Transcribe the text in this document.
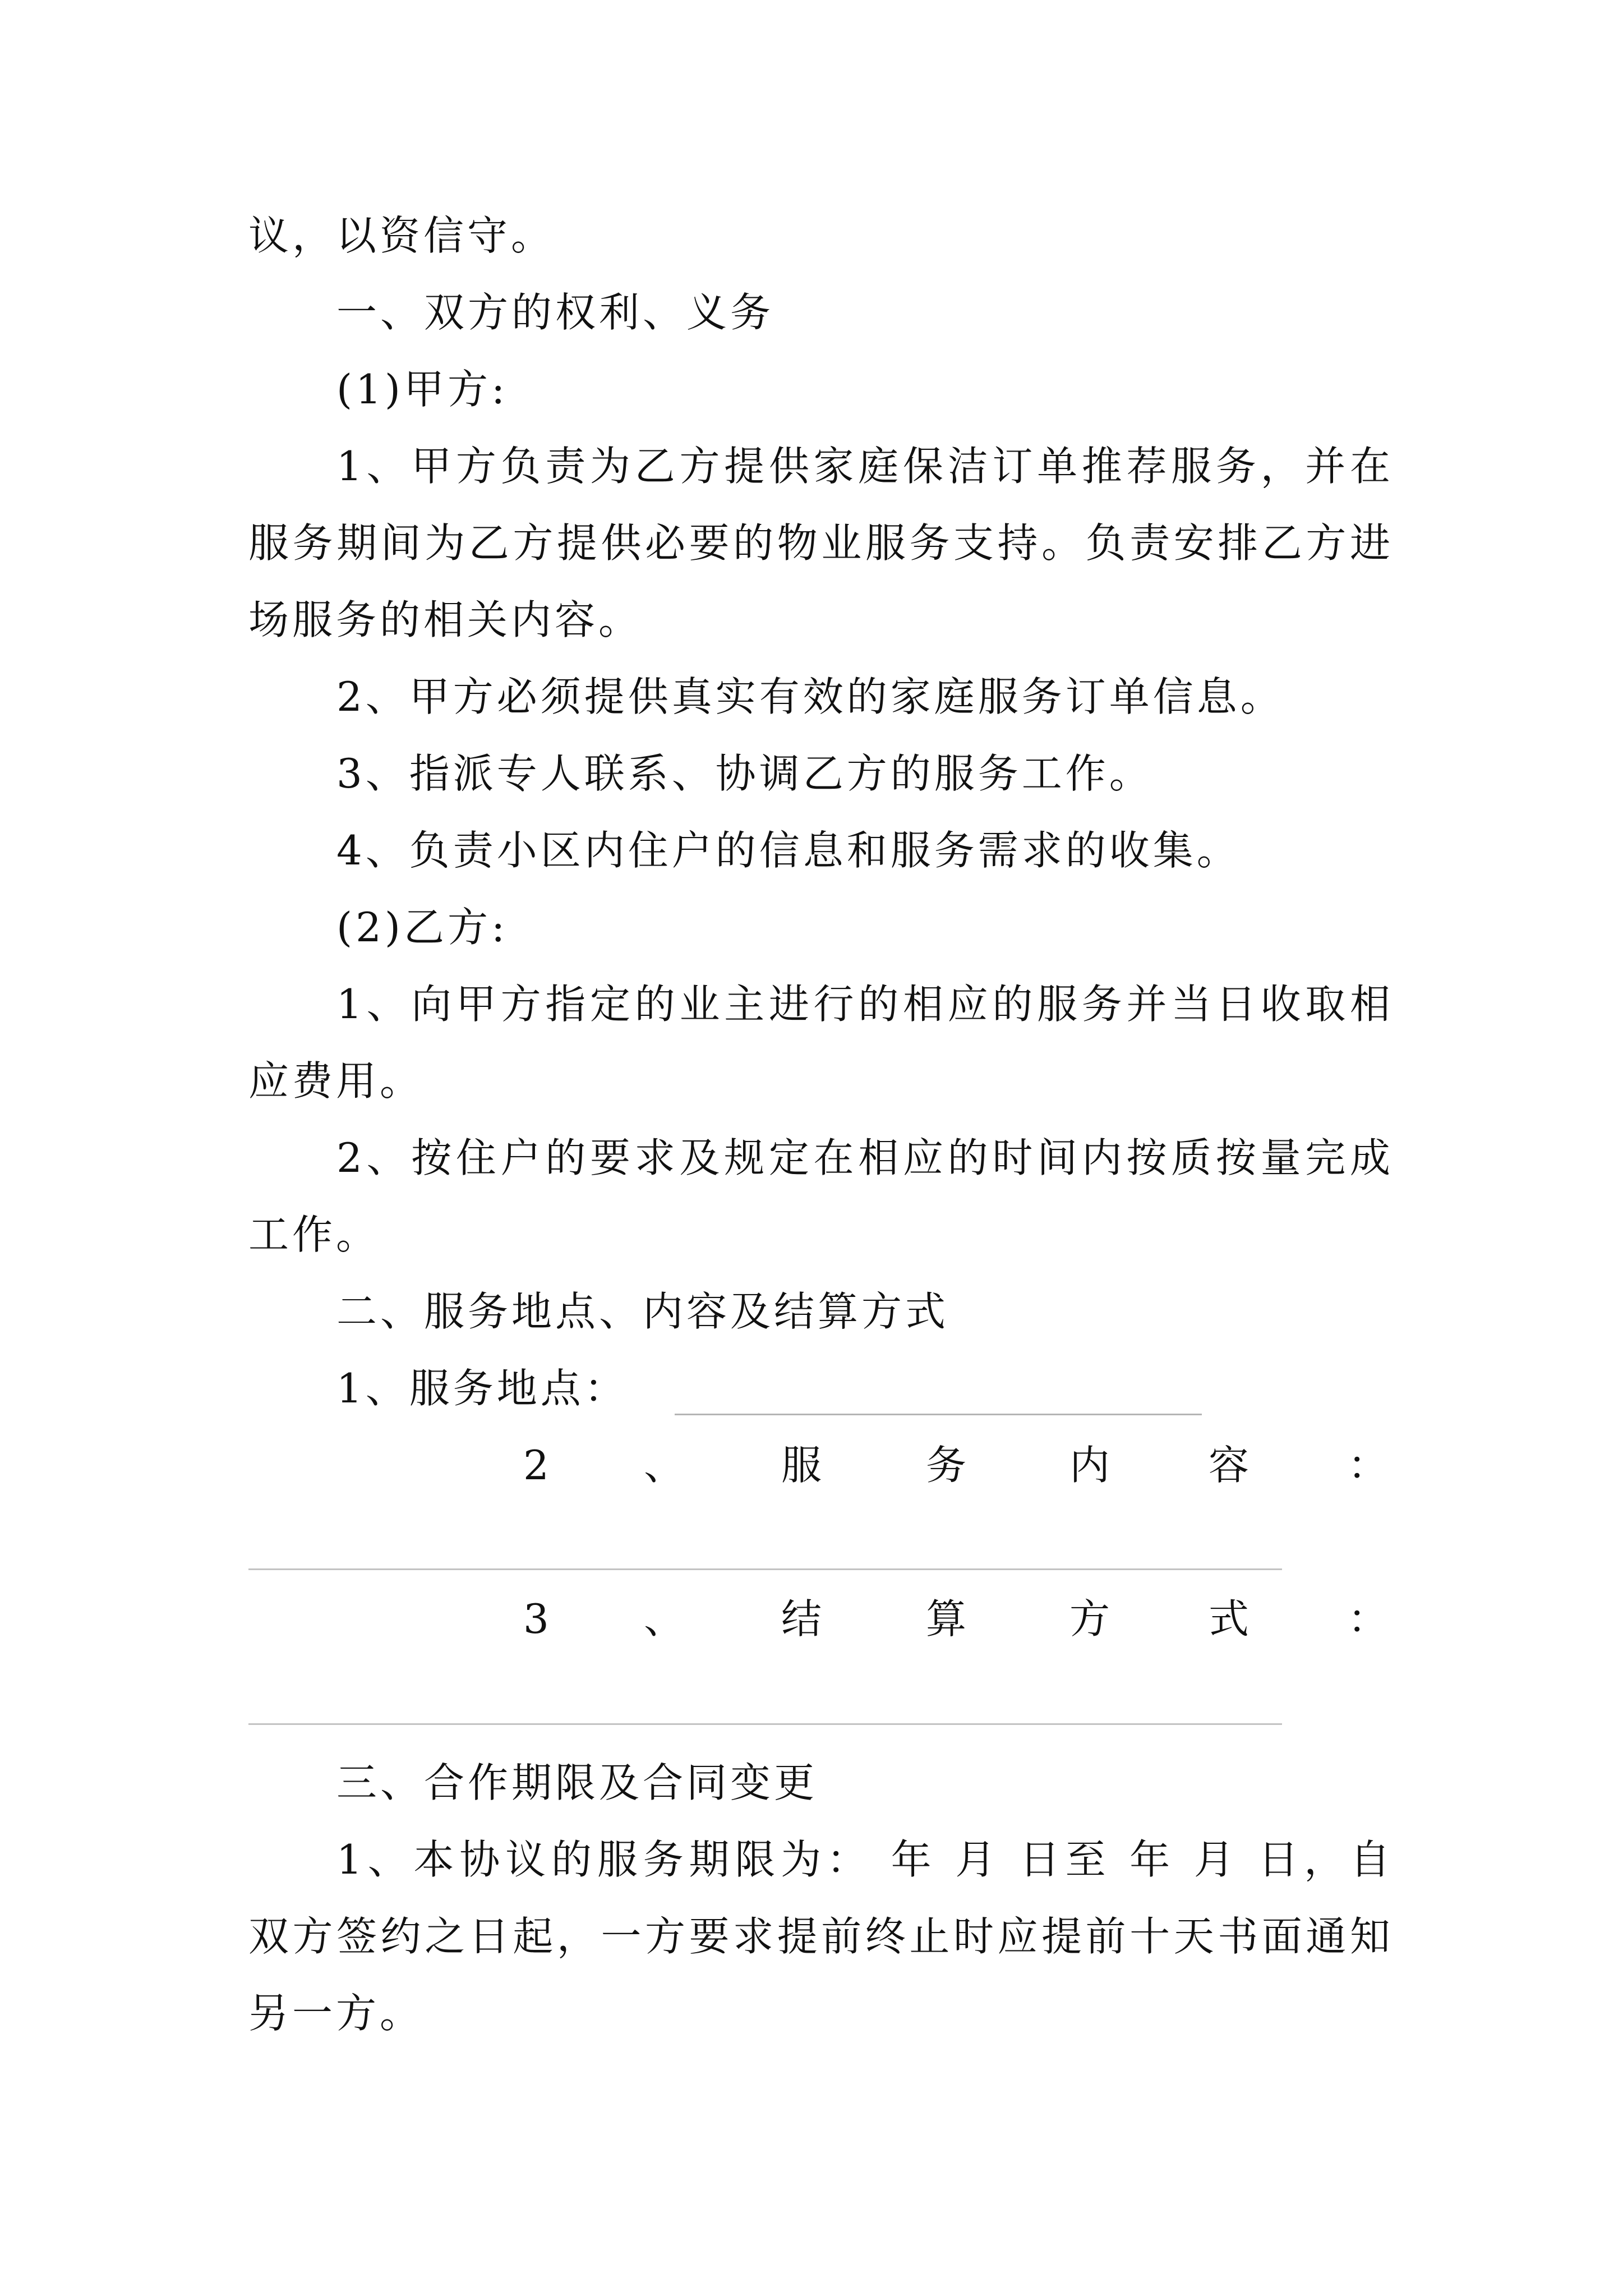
议，以资信守。
一、双方的权利、义务
(1)甲方:
1、甲方负责为乙方提供家庭保洁订单推荐服务，并在
服务期间为乙方提供必要的物业服务支持。负责安排乙方进
场服务的相关内容。
2、甲方必须提供真实有效的家庭服务订单信息。
3、指派专人联系、协调乙方的服务工作。
4、负责小区内住户的信息和服务需求的收集。
(2)乙方:
1、向甲方指定的业主进行的相应的服务并当日收取相
应费用。
2、按住户的要求及规定在相应的时间内按质按量完成
工作。
二、服务地点、内容及结算方式
1、服务地点：
2 、 服	务	内 容 ：
3 、 结	算	方 式 ：
三、合作期限及合同变更
1、本协议的服务期限为： 年 月 日至 年 月 日，自
双方签约之日起，一方要求提前终止时应提前十天书面通知
另一方。
